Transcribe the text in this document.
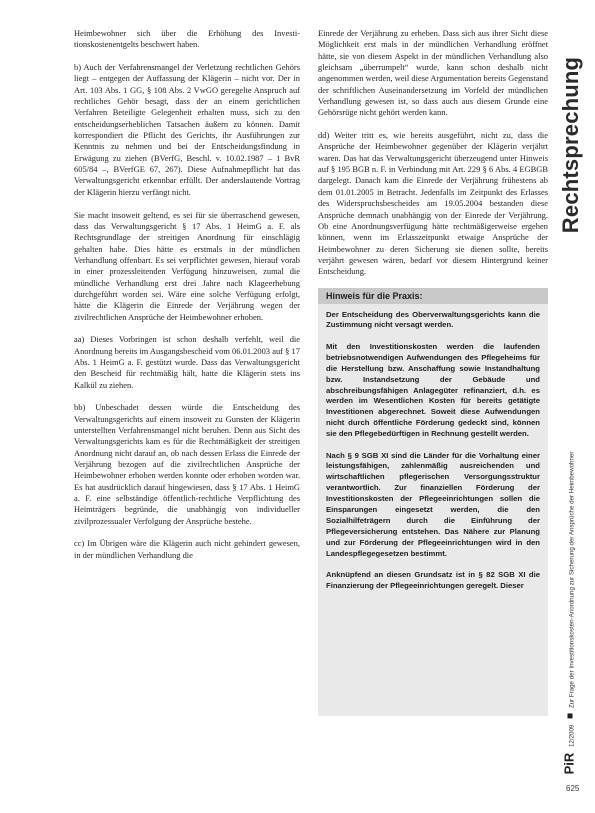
Heimbewohner sich über die Erhöhung des Investi-tionskostenentgelts beschwert haben.

b) Auch der Verfahrensmangel der Verletzung rechtlichen Gehörs liegt – entgegen der Auffassung der Klägerin – nicht vor. Der in Art. 103 Abs. 1 GG, § 108 Abs. 2 VwGO geregelte Anspruch auf rechtliches Gehör besagt, dass der an einem gerichtlichen Verfahren Beteiligte Gelegenheit erhalten muss, sich zu den entscheidungserheblichen Tatsachen äußern zu können. Damit korrespondiert die Pflicht des Gerichts, ihr Ausführungen zur Kenntnis zu nehmen und bei der Entscheidungsfindung in Erwägung zu ziehen (BVerfG, Beschl. v. 10.02.1987 – 1 BvR 605/84 –, BVerfGE 67, 267). Diese Aufnahmepflicht hat das Verwaltungsgericht erkennbar erfüllt. Der anderslautende Vortrag der Klägerin hierzu verfängt nicht.

Sie macht insoweit geltend, es sei für sie überraschend gewesen, dass das Verwaltungsgericht § 17 Abs. 1 HeimG a. F. als Rechtsgrundlage der streitigen Anordnung für einschlägig gehalten habe. Dies hätte es erstmals in der mündlichen Verhandlung offenbart. Es sei verpflichtet gewesen, hierauf vorab in einer prozessleitenden Verfügung hinzuweisen, zumal die mündliche Verhandlung erst drei Jahre nach Klageerhebung durchgeführt worden sei. Wäre eine solche Verfügung erfolgt, hätte die Klägerin die Einrede der Verjährung wegen der zivilrechtlichen Ansprüche der Heimbewohner erhoben.

aa) Dieses Vorbringen ist schon deshalb verfehlt, weil die Anordnung bereits im Ausgangsbescheid vom 06.01.2003 auf § 17 Abs. 1 HeimG a. F. gestützt wurde. Dass das Verwaltungsgericht den Bescheid für rechtmäßig hält, hatte die Klägerin stets ins Kalkül zu ziehen.

bb) Unbeschadet dessen würde die Entscheidung des Verwaltungsgerichts auf einem insoweit zu Gunsten der Klägerin unterstellten Verfahrensmangel nicht beruhen. Denn aus Sicht des Verwaltungsgerichts kam es für die Rechtmäßigkeit der streitigen Anordnung nicht darauf an, ob nach dessen Erlass die Einrede der Verjährung bezogen auf die zivilrechtlichen Ansprüche der Heimbewohner erhoben werden konnte oder erhoben worden war. Es hat ausdrücklich darauf hingewiesen, dass § 17 Abs. 1 HeimG a. F. eine selbständige öffentlich-rechtliche Verpflichtung des Heimträgers begründe, die unabhängig von individueller zivilprozessualer Verfolgung der Ansprüche bestehe.

cc) Im Übrigen wäre die Klägerin auch nicht gehindert gewesen, in der mündlichen Verhandlung die

Einrede der Verjährung zu erheben. Dass sich aus ihrer Sicht diese Möglichkeit erst mals in der mündlichen Verhandlung eröffnet hätte, sie von diesem Aspekt in der mündlichen Verhandlung also gleichsam „überrumpelt“ wurde, kann schon deshalb nicht angenommen werden, weil diese Argumentation bereits Gegenstand der schriftlichen Auseinandersetzung im Vorfeld der mündlichen Verhandlung gewesen ist, so dass auch aus diesem Grunde eine Gehörsrüge nicht gehört werden kann.

dd) Weiter tritt es, wie bereits ausgeführt, nicht zu, dass die Ansprüche der Heimbewohner gegenüber der Klägerin verjährt waren. Das hat das Verwaltungsgericht überzeugend unter Hinweis auf § 195 BGB n. F. in Verbindung mit Art. 229 § 6 Abs. 4 EGBGB dargelegt. Danach kam die Einrede der Verjährung frühestens ab dem 01.01.2005 in Betracht. Jedenfalls im Zeitpunkt des Erlasses des Widerspruchsbescheides am 19.05.2004 bestanden diese Ansprüche demnach unabhängig von der Einrede der Verjährung. Ob eine Anordnungsverfügung hätte rechtmäßigerweise ergehen können, wenn im Erlasszeitpunkt etwaige Ansprüche der Heimbewohner zu deren Sicherung sie dienen sollte, bereits verjährt gewesen wären, bedarf vor diesem Hintergrund keiner Entscheidung.

Hinweis für die Praxis:

Der Entscheidung des Oberverwaltungsgerichts kann die Zustimmung nicht versagt werden.

Mit den Investitionskosten werden die laufenden betriebsnotwendigen Aufwendungen des Pflegeheims für die Herstellung bzw. Anschaffung sowie Instandhaltung bzw. Instandsetzung der Gebäude und abschreibungsfähigen Anlagegüter refinanziert, d.h. es werden im Wesentlichen Kosten für bereits getätigte Investitionen abgerechnet. Soweit diese Aufwendungen nicht durch öffentliche Förderung gedeckt sind, können sie den Pflegebedürftigen in Rechnung gestellt werden.

Nach § 9 SGB XI sind die Länder für die Vorhaltung einer leistungsfähigen, zahlenmäßig ausreichenden und wirtschaftlichen pflegerischen Versorgungsstruktur verantwortlich. Zur finanziellen Förderung der Investitionskosten der Pflegeeinrichtungen sollen die Einsparungen eingesetzt werden, die den Sozialhilfeträgern durch die Einführung der Pflegeversicherung entstehen. Das Nähere zur Planung und zur Förderung der Pflegeeinrichtungen wird in den Landespflegegesetzen bestimmt.

Anknüpfend an diesen Grundsatz ist in § 82 SGB XI die Finanzierung der Pflegeeinrichtungen geregelt. Dieser

Rechtsprechung
PiR 12/2009  Zur Frage der Investitionskosten-Anordnung zur Sicherung der Ansprüche der Heimbewohner
625
